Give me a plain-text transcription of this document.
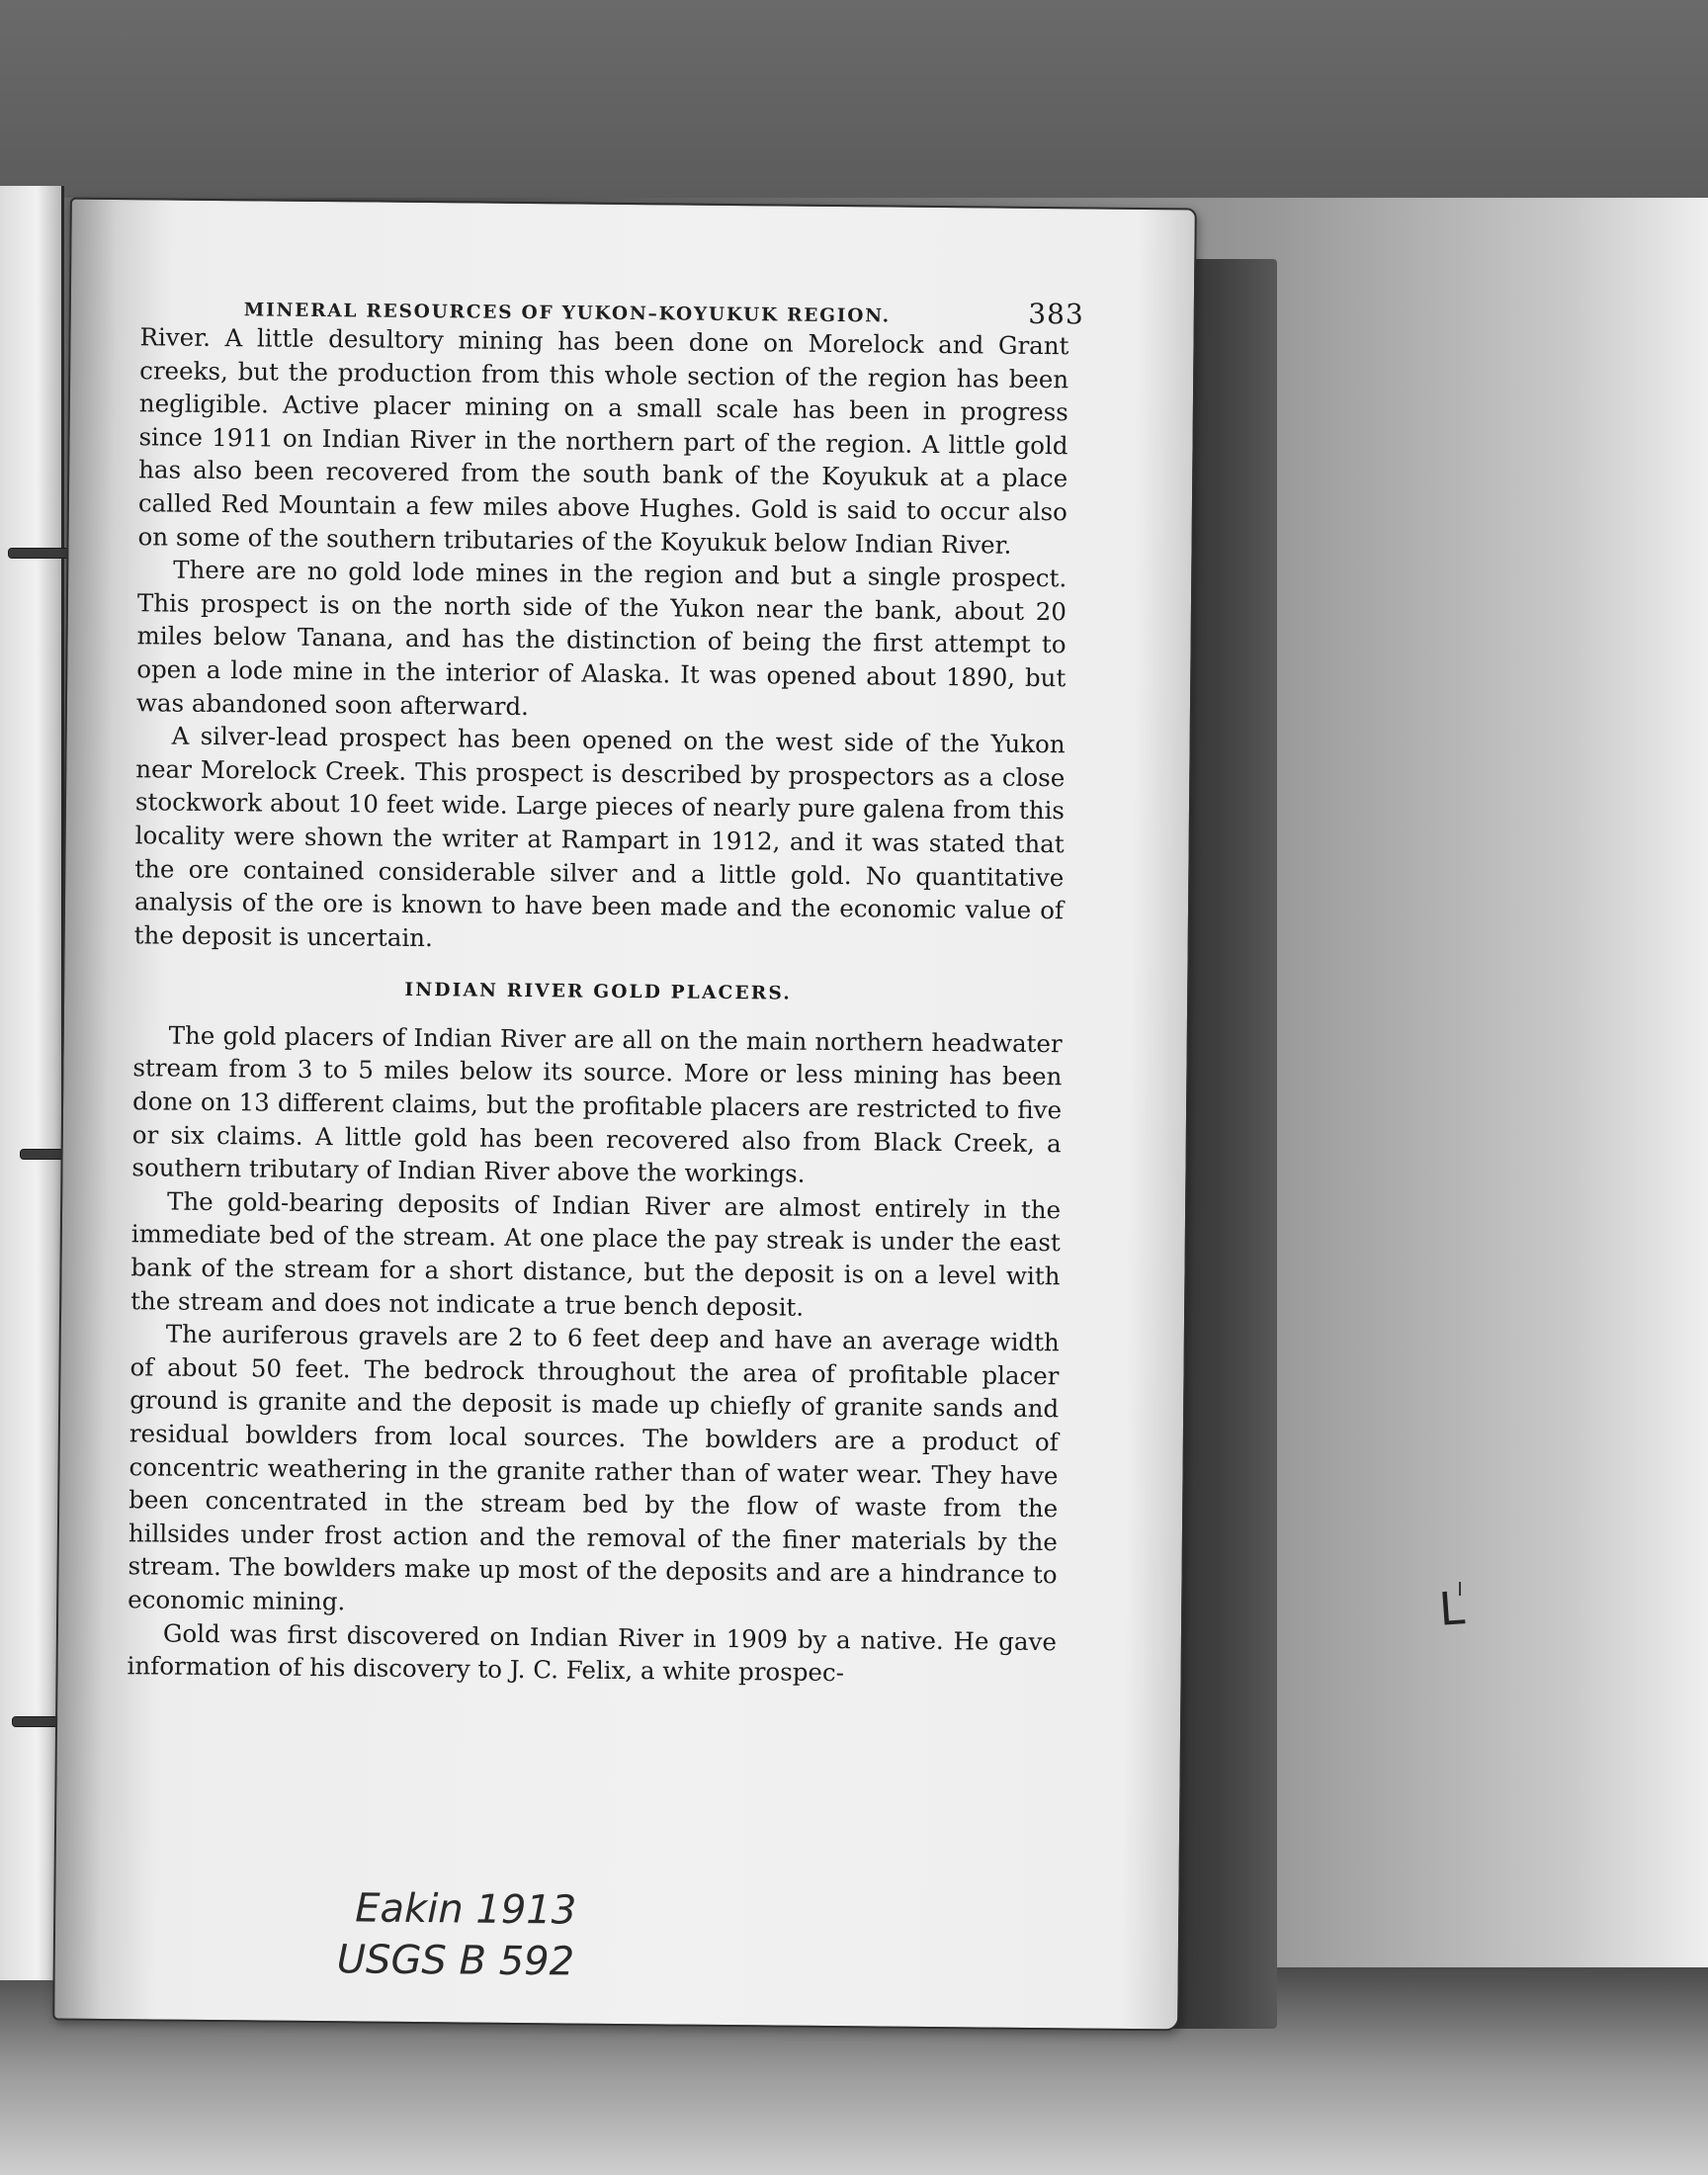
MINERAL RESOURCES OF YUKON–KOYUKUK REGION.	383

River. A little desultory mining has been done on Morelock and Grant creeks, but the production from this whole section of the region has been negligible. Active placer mining on a small scale has been in progress since 1911 on Indian River in the northern part of the region. A little gold has also been recovered from the south bank of the Koyukuk at a place called Red Mountain a few miles above Hughes. Gold is said to occur also on some of the southern tributaries of the Koyukuk below Indian River.

There are no gold lode mines in the region and but a single prospect. This prospect is on the north side of the Yukon near the bank, about 20 miles below Tanana, and has the distinction of being the first attempt to open a lode mine in the interior of Alaska. It was opened about 1890, but was abandoned soon afterward.

A silver-lead prospect has been opened on the west side of the Yukon near Morelock Creek. This prospect is described by prospectors as a close stockwork about 10 feet wide. Large pieces of nearly pure galena from this locality were shown the writer at Rampart in 1912, and it was stated that the ore contained considerable silver and a little gold. No quantitative analysis of the ore is known to have been made and the economic value of the deposit is uncertain.

INDIAN RIVER GOLD PLACERS.

The gold placers of Indian River are all on the main northern headwater stream from 3 to 5 miles below its source. More or less mining has been done on 13 different claims, but the profitable placers are restricted to five or six claims. A little gold has been recovered also from Black Creek, a southern tributary of Indian River above the workings.

The gold-bearing deposits of Indian River are almost entirely in the immediate bed of the stream. At one place the pay streak is under the east bank of the stream for a short distance, but the deposit is on a level with the stream and does not indicate a true bench deposit.

The auriferous gravels are 2 to 6 feet deep and have an average width of about 50 feet. The bedrock throughout the area of profitable placer ground is granite and the deposit is made up chiefly of granite sands and residual bowlders from local sources. The bowlders are a product of concentric weathering in the granite rather than of water wear. They have been concentrated in the stream bed by the flow of waste from the hillsides under frost action and the removal of the finer materials by the stream. The bowlders make up most of the deposits and are a hindrance to economic mining.

Gold was first discovered on Indian River in 1909 by a native. He gave information of his discovery to J. C. Felix, a white prospec-

Eakin 1913
USGS B 592
L
